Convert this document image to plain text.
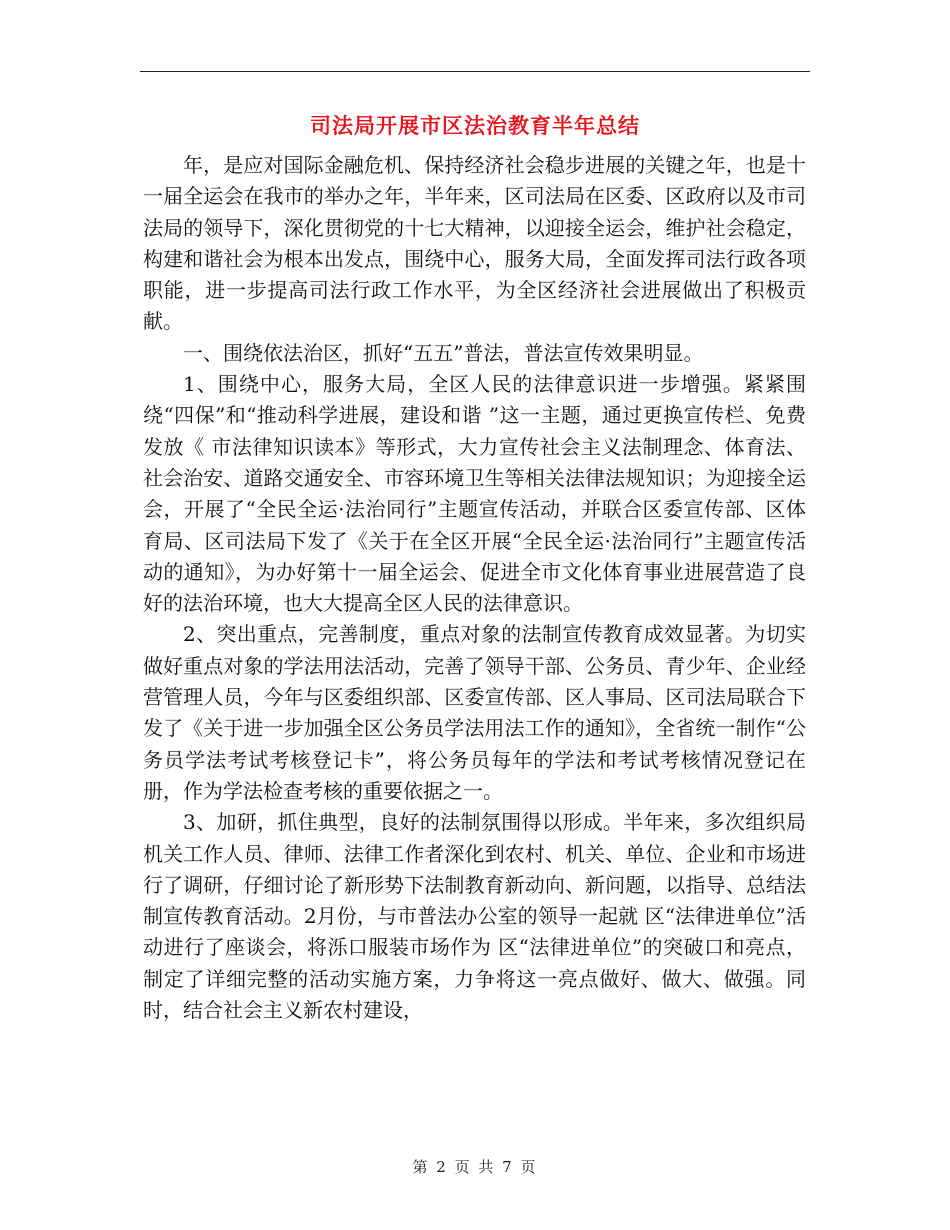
司法局开展市区法治教育半年总结

年，是应对国际金融危机、保持经济社会稳步进展的关键之年，也是十一届全运会在我市的举办之年，半年来，区司法局在区委、区政府以及市司法局的领导下，深化贯彻党的十七大精神，以迎接全运会，维护社会稳定，构建和谐社会为根本出发点，围绕中心，服务大局，全面发挥司法行政各项职能，进一步提高司法行政工作水平，为全区经济社会进展做出了积极贡献。

一、围绕依法治区，抓好“五五”普法，普法宣传效果明显。

1、围绕中心，服务大局，全区人民的法律意识进一步增强。紧紧围绕“四保”和“推动科学进展，建设和谐 ”这一主题，通过更换宣传栏、免费发放《 市法律知识读本》等形式，大力宣传社会主义法制理念、体育法、社会治安、道路交通安全、市容环境卫生等相关法律法规知识；为迎接全运会，开展了“全民全运·法治同行”主题宣传活动，并联合区委宣传部、区体育局、区司法局下发了《关于在全区开展“全民全运·法治同行”主题宣传活动的通知》，为办好第十一届全运会、促进全市文化体育事业进展营造了良好的法治环境，也大大提高全区人民的法律意识。

2、突出重点，完善制度，重点对象的法制宣传教育成效显著。为切实做好重点对象的学法用法活动，完善了领导干部、公务员、青少年、企业经营管理人员，今年与区委组织部、区委宣传部、区人事局、区司法局联合下发了《关于进一步加强全区公务员学法用法工作的通知》，全省统一制作“公务员学法考试考核登记卡”，将公务员每年的学法和考试考核情况登记在册，作为学法检查考核的重要依据之一。

3、加研，抓住典型，良好的法制氛围得以形成。半年来，多次组织局机关工作人员、律师、法律工作者深化到农村、机关、单位、企业和市场进行了调研，仔细讨论了新形势下法制教育新动向、新问题，以指导、总结法制宣传教育活动。2月份，与市普法办公室的领导一起就 区“法律进单位”活动进行了座谈会，将泺口服装市场作为 区“法律进单位”的突破口和亮点，制定了详细完整的活动实施方案，力争将这一亮点做好、做大、做强。同时，结合社会主义新农村建设，

第 2 页 共 7 页
